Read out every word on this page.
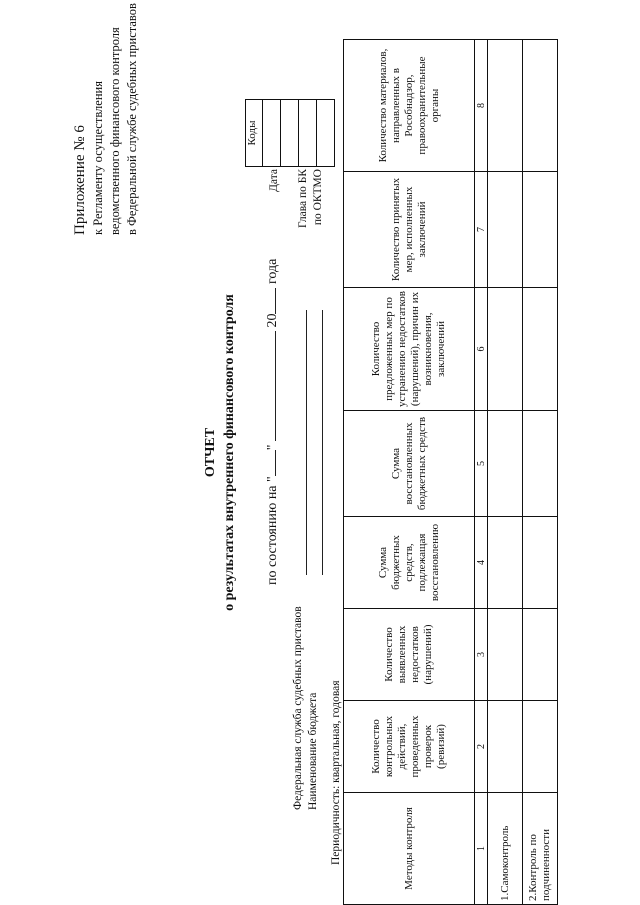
Приложение № 6 к Регламенту осуществления ведомственного финансового контроля в Федеральной службе судебных приставов
ОТЧЕТ о результатах внутреннего финансового контроля по состоянию на ""  20 года
Коды

Дата Глава по БК по ОКТМО
Федеральная служба судебных приставов Наименование бюджета Периодичность: квартальная, годовая	Методы контроля	Количество контрольных действий, проведенных проверок (ревизий)	Количество выявленных недостатков (нарушений)	Сумма бюджетных средств, подлежащая восстановлению	Сумма восстановленных бюджетных средств	Количество предложенных мер по устранению недостатков (нарушений), причин их возникновения, заключений	Количество принятых мер, исполненных заключений	Количество материалов, направленных в Рособнадзор, правоохранительные органы
1	2	3	4	5	6	7	8
1.Самоконтроль							
2.Контроль по подчиненности							
